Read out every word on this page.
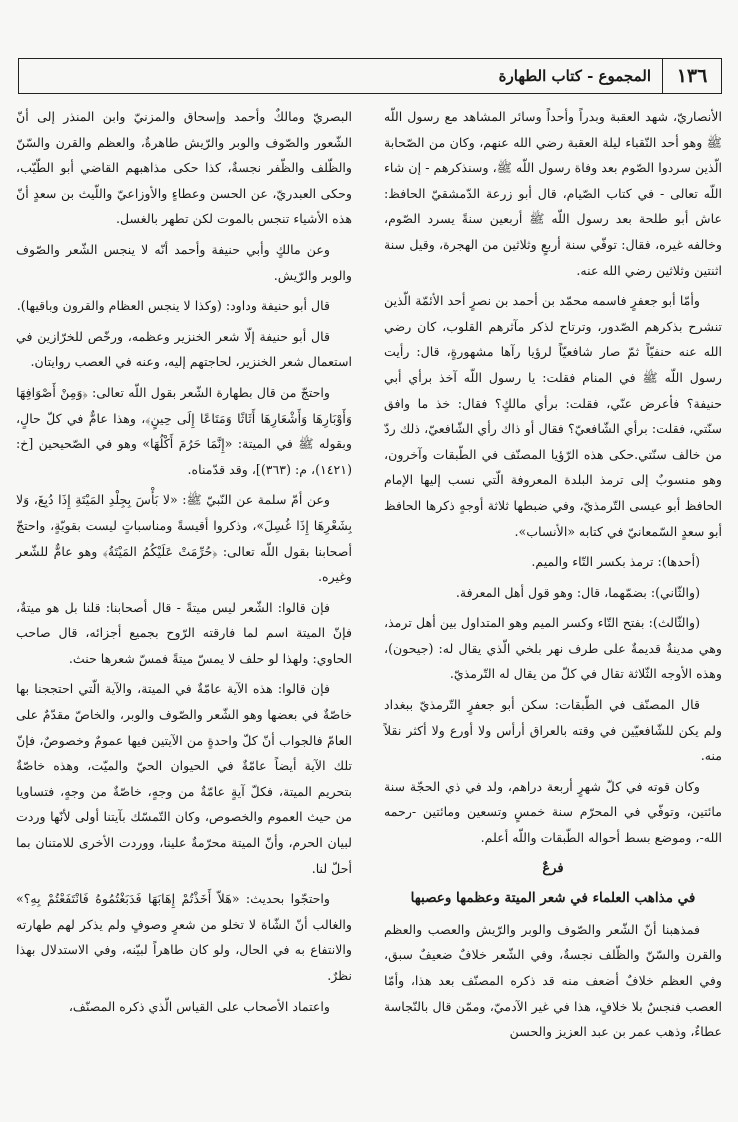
١٣٦
المجموع - كتاب الطهارة

الأنصاريّ، شهد العقبة وبدراً وأحداً وسائر المشاهد مع رسول اللّه ﷺ وهو أحد النّقباء ليلة العقبة رضي الله عنهم، وكان من الصّحابة الّذين سردوا الصّوم بعد وفاة رسول اللّه ﷺ، وسنذكرهم - إن شاء اللّه تعالى - في كتاب الصّيام، قال أبو زرعة الدّمشقيّ الحافظ: عاش أبو طلحة بعد رسول اللّه ﷺ أربعين سنةً يسرد الصّوم، وخالفه غيره، فقال: توفّي سنة أربعٍ وثلاثين من الهجرة، وقيل سنة اثنتين وثلاثين رضي الله عنه.

وأمّا أبو جعفرٍ فاسمه محمّد بن أحمد بن نصرٍ أحد الأئمّة الّذين تنشرح بذكرهم الصّدور، وترتاح لذكر مآثرهم القلوب، كان رضي الله عنه حنفيّاً ثمّ صار شافعيّاً لرؤيا رآها مشهورةٍ، قال: رأيت رسول اللّه ﷺ في المنام فقلت: يا رسول اللّه آخذ برأي أبي حنيفة؟ فأعرض عنّي، فقلت: برأي مالكٍ؟ فقال: خذ ما وافق سنّتي، فقلت: برأي الشّافعيّ؟ فقال أو ذاك رأي الشّافعيّ، ذلك ردّ من خالف سنّتي.حكى هذه الرّؤيا المصنّف في الطّبقات وآخرون، وهو منسوبٌ إلى ترمذ البلدة المعروفة الّتي نسب إليها الإمام الحافظ أبو عيسى التّرمذيّ، وفي ضبطها ثلاثة أوجهٍ ذكرها الحافظ أبو سعدٍ السّمعانيّ في كتابه «الأنساب».

(أحدها): ترمذ بكسر التّاء والميم.

(والثّاني): بضمّهما، قال: وهو قول أهل المعرفة.

(والثّالث): بفتح التّاء وكسر الميم وهو المتداول بين أهل ترمذ، وهي مدينةٌ قديمةٌ على طرف نهر بلخي الّذي يقال له: (جيحون)، وهذه الأوجه الثّلاثة تقال في كلّ من يقال له التّرمذيّ.

قال المصنّف في الطّبقات: سكن أبو جعفرٍ التّرمذيّ ببغداد ولم يكن للشّافعيّين في وقته بالعراق أرأس ولا أورع ولا أكثر نقلاً منه.

وكان قوته في كلّ شهرٍ أربعة دراهم، ولد في ذي الحجّة سنة مائتين، وتوفّي في المحرّم سنة خمسٍ وتسعين ومائتين -رحمه الله-، وموضع بسط أحواله الطّبقات واللّه أعلم.

فرعٌ

في مذاهب العلماء في شعر الميتة وعظمها وعصبها

فمذهبنا أنّ الشّعر والصّوف والوبر والرّيش والعصب والعظم والقرن والسّنّ والظّلف نجسةٌ، وفي الشّعر خلافٌ ضعيفٌ سبق، وفي العظم خلافٌ أضعف منه قد ذكره المصنّف بعد هذا، وأمّا العصب فنجسٌ بلا خلافٍ، هذا في غير الآدميّ، وممّن قال بالنّجاسة عطاءٌ، وذهب عمر بن عبد العزيز والحسن

البصريّ ومالكٌ وأحمد وإسحاق والمزنيّ وابن المنذر إلى أنّ الشّعور والصّوف والوبر والرّيش طاهرةٌ، والعظم والقرن والسّنّ والظّلف والظّفر نجسةٌ، كذا حكى مذاهبهم القاضي أبو الطّيّب، وحكى العبدريّ، عن الحسن وعطاءٍ والأوزاعيّ واللّيث بن سعدٍ أنّ هذه الأشياء تنجس بالموت لكن تطهر بالغسل.

وعن مالكٍ وأبي حنيفة وأحمد أنّه لا ينجس الشّعر والصّوف والوبر والرّيش.

قال أبو حنيفة وداود: (وكذا لا ينجس العظام والقرون وباقيها).

قال أبو حنيفة إلّا شعر الخنزير وعظمه، ورخّص للخرّازين في استعمال شعر الخنزير، لحاجتهم إليه، وعنه في العصب روايتان.

واحتجّ من قال بطهارة الشّعر بقول اللّه تعالى: ﴿وَمِنْ أَصْوَافِهَا وَأَوْبَارِهَا وَأَشْعَارِهَا أَثَاثًا وَمَتَاعًا إِلَى حِينٍ﴾، وهذا عامٌّ في كلّ حالٍ، وبقوله ﷺ في الميتة: «إِنَّمَا حَرُمَ أَكْلُهَا» وهو في الصّحيحين [خ: (١٤٢١)، م: (٣٦٣)]، وقد قدّمناه.

وعن أمّ سلمة عن النّبيّ ﷺ: «لا بَأْسَ بِجِلْدِ المَيْتَةِ إِذَا دُبِغَ، وَلا بِشَعْرِهَا إِذَا غُسِلَ»، وذكروا أقيسةً ومناسباتٍ ليست بقويّةٍ، واحتجّ أصحابنا بقول اللّه تعالى: ﴿حُرِّمَتْ عَلَيْكُمُ المَيْتَةُ﴾ وهو عامٌّ للشّعر وغيره.

فإن قالوا: الشّعر ليس ميتةً - قال أصحابنا: قلنا بل هو ميتةٌ، فإنّ الميتة اسم لما فارقته الرّوح بجميع أجزائه، قال صاحب الحاوي: ولهذا لو حلف لا يمسّ ميتةً فمسّ شعرها حنث.

فإن قالوا: هذه الآية عامّةٌ في الميتة، والآية الّتي احتججنا بها خاصّةٌ في بعضها وهو الشّعر والصّوف والوبر، والخاصّ مقدّمٌ على العامّ فالجواب أنّ كلّ واحدةٍ من الآيتين فيها عمومٌ وخصوصٌ، فإنّ تلك الآية أيضاً عامّةٌ في الحيوان الحيّ والميّت، وهذه خاصّةٌ بتحريم الميتة، فكلّ آيةٍ عامّةٌ من وجهٍ، خاصّةٌ من وجهٍ، فتساويا من حيث العموم والخصوص، وكان التّمسّك بآيتنا أولى لأنّها وردت لبيان الحرم، وأنّ الميتة محرّمةٌ علينا، ووردت الأخرى للامتنان بما أحلّ لنا.

واحتجّوا بحديث: «هَلاّ أَخَذْتُمْ إِهَابَهَا فَدَبَغْتُمُوهُ فَانْتَفَعْتُمْ بِهِ؟» والغالب أنّ الشّاة لا تخلو من شعرٍ وصوفٍ ولم يذكر لهم طهارته والانتفاع به في الحال، ولو كان طاهراً لبيّنه، وفي الاستدلال بهذا نظرٌ.

واعتماد الأصحاب على القياس الّذي ذكره المصنّف،
